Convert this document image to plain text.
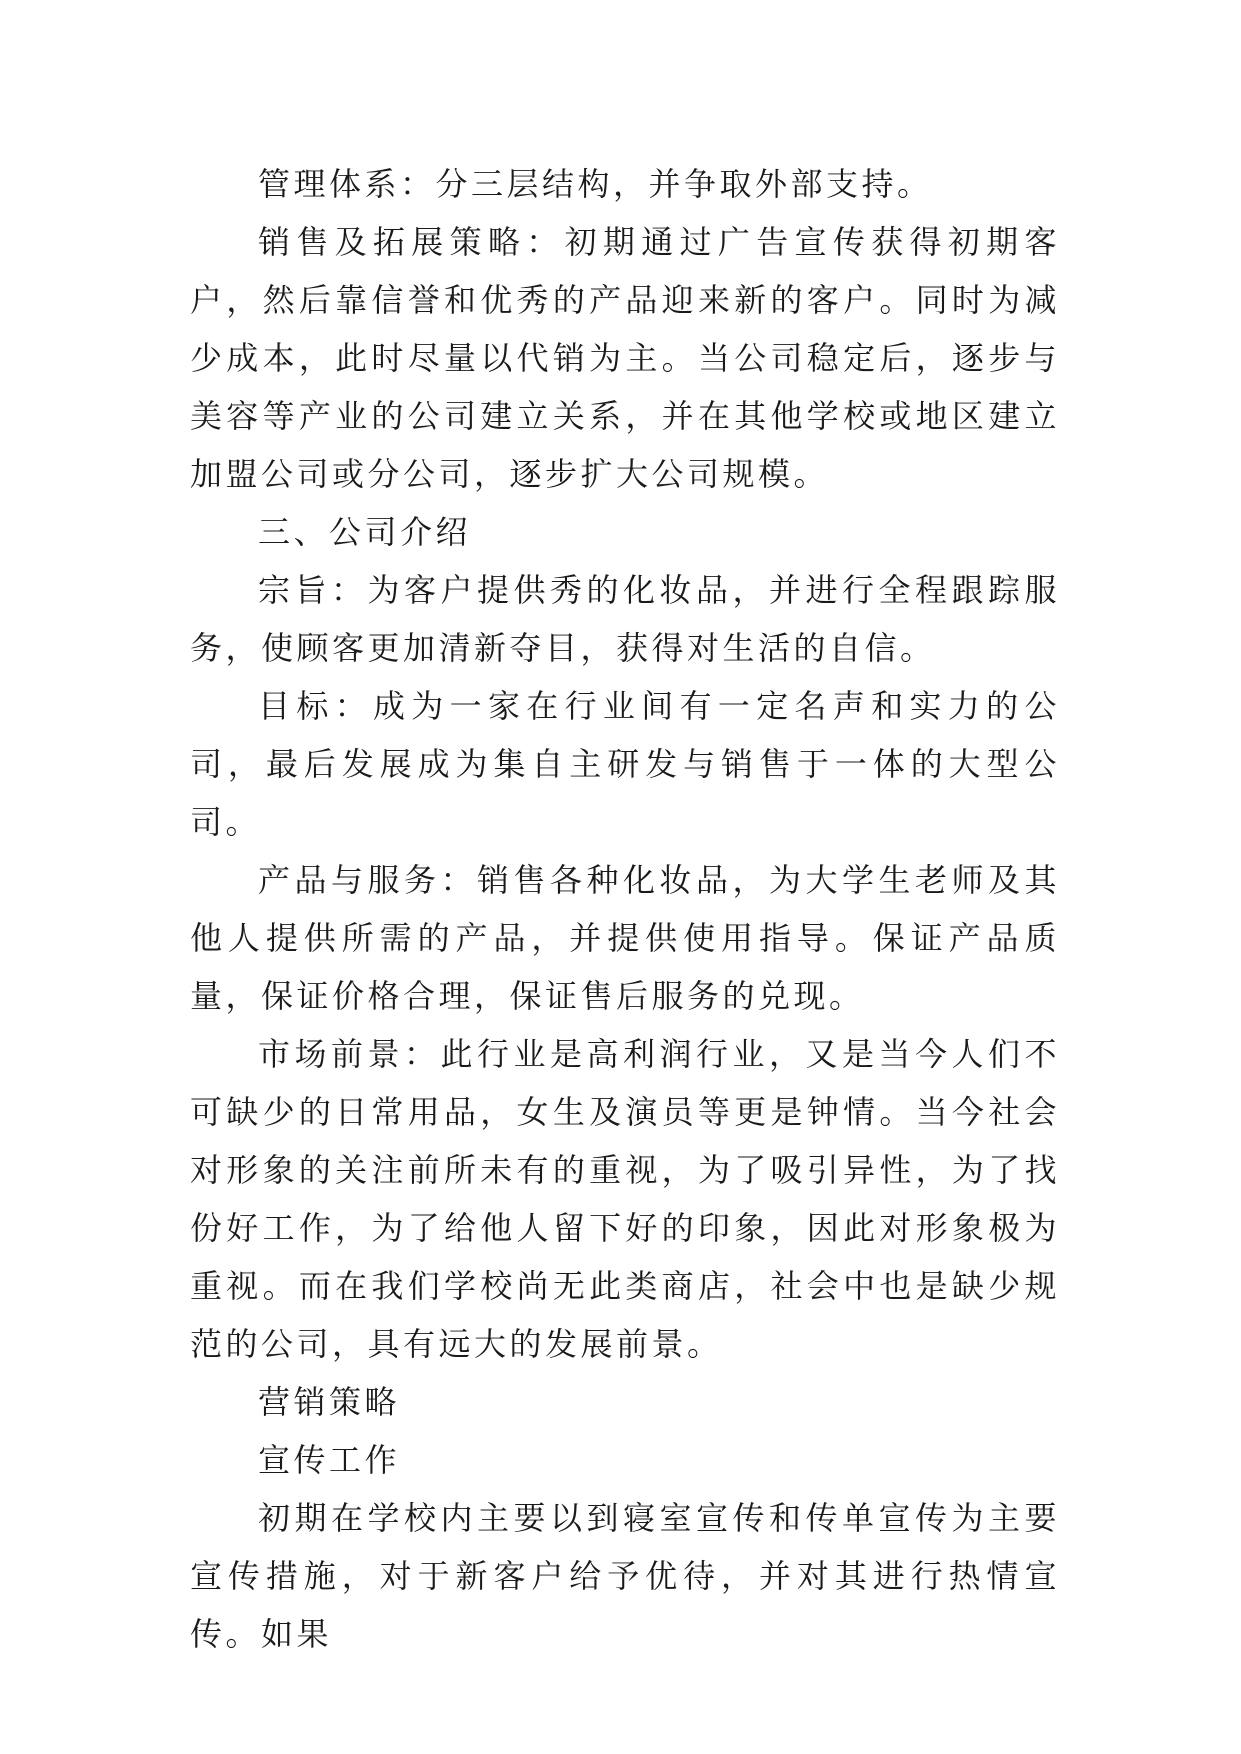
管理体系：分三层结构，并争取外部支持。

销售及拓展策略：初期通过广告宣传获得初期客户，然后靠信誉和优秀的产品迎来新的客户。同时为减少成本，此时尽量以代销为主。当公司稳定后，逐步与美容等产业的公司建立关系，并在其他学校或地区建立加盟公司或分公司，逐步扩大公司规模。

三、公司介绍

宗旨：为客户提供秀的化妆品，并进行全程跟踪服务，使顾客更加清新夺目，获得对生活的自信。

目标：成为一家在行业间有一定名声和实力的公司，最后发展成为集自主研发与销售于一体的大型公司。

产品与服务：销售各种化妆品，为大学生老师及其他人提供所需的产品，并提供使用指导。保证产品质量，保证价格合理，保证售后服务的兑现。

市场前景：此行业是高利润行业，又是当今人们不可缺少的日常用品，女生及演员等更是钟情。当今社会对形象的关注前所未有的重视，为了吸引异性，为了找份好工作，为了给他人留下好的印象，因此对形象极为重视。而在我们学校尚无此类商店，社会中也是缺少规范的公司，具有远大的发展前景。

营销策略

宣传工作

初期在学校内主要以到寝室宣传和传单宣传为主要宣传措施，对于新客户给予优待，并对其进行热情宣传。如果
